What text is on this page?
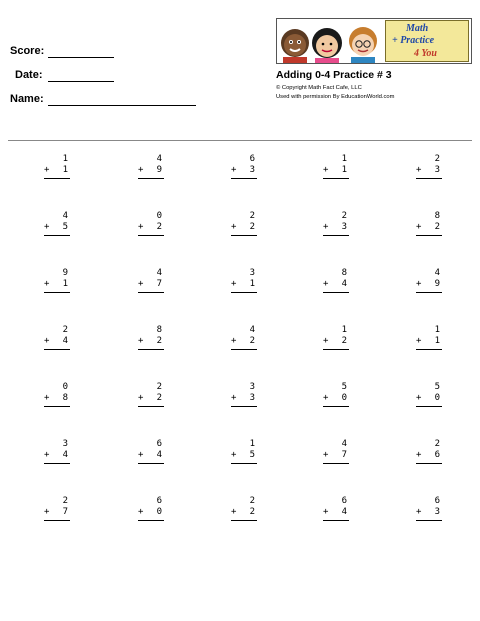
Score:
Date:
Name:
Math
+ Practice
4 You
Adding 0-4 Practice # 3
© Copyright Math Fact Cafe, LLC
Used with permission By EducationWorld.com
1
+ 1
4
+ 9
6
+ 3
1
+ 1
2
+ 3
4
+ 5
0
+ 2
2
+ 2
2
+ 3
8
+ 2
9
+ 1
4
+ 7
3
+ 1
8
+ 4
4
+ 9
2
+ 4
8
+ 2
4
+ 2
1
+ 2
1
+ 1
0
+ 8
2
+ 2
3
+ 3
5
+ 0
5
+ 0
3
+ 4
6
+ 4
1
+ 5
4
+ 7
2
+ 6
2
+ 7
6
+ 0
2
+ 2
6
+ 4
6
+ 3
